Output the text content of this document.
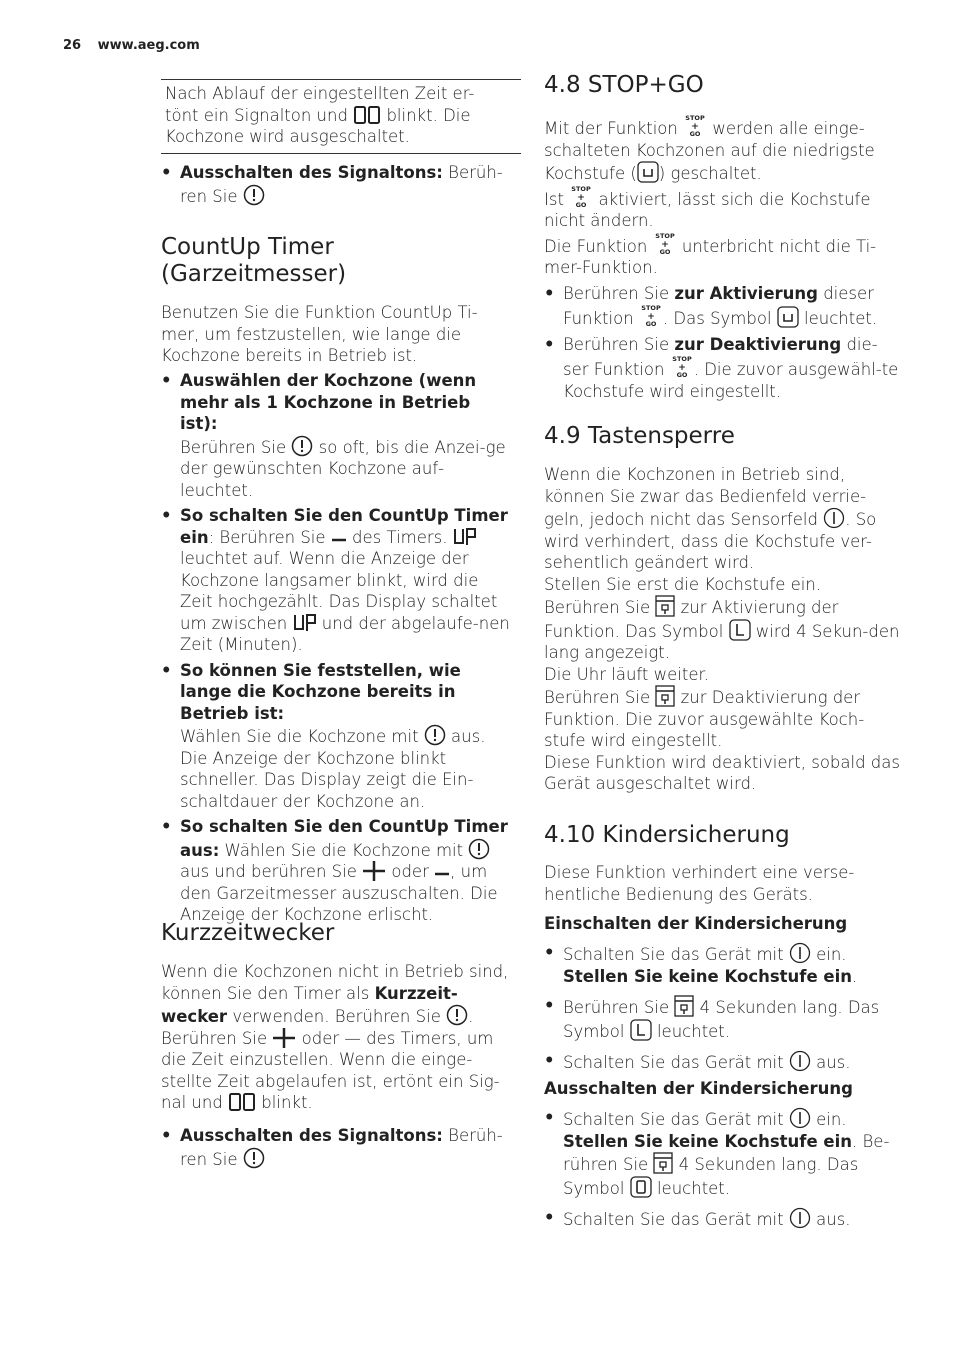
26 www.aeg.com

Nach Ablauf der eingestellten Zeit er-
tönt ein Signalton und blinkt. Die
Kochzone wird ausgeschaltet.

• Ausschalten des Signaltons: Berüh-
ren Sie
CountUp Timer
(Garzeitmesser)

Benutzen Sie die Funktion CountUp Ti-mer, um festzustellen, wie lange die Kochzone bereits in Betrieb ist.

• Auswählen der Kochzone (wenn mehr als 1 Kochzone in Betrieb ist):
Berühren Sie so oft, bis die Anzei-ge der gewünschten Kochzone auf-leuchtet.
• So schalten Sie den CountUp Timer
ein: Berühren Sie des Timers.
leuchtet auf. Wenn die Anzeige der Kochzone langsamer blinkt, wird die Zeit hochgezählt. Das Display schaltet um zwischen und der abgelaufe-nen Zeit (Minuten).
• So können Sie feststellen, wie lange die Kochzone bereits in Betrieb ist:
Wählen Sie die Kochzone mit aus. Die Anzeige der Kochzone blinkt schneller. Das Display zeigt die Ein-schaltdauer der Kochzone an.
• So schalten Sie den CountUp Timer
aus: Wählen Sie die Kochzone mit
aus und berühren Sie oder , um den Garzeitmesser auszuschalten. Die Anzeige der Kochzone erlischt.
Kurzzeitwecker

Wenn die Kochzonen nicht in Betrieb sind, können Sie den Timer als Kurzzeit-wecker verwenden. Berühren Sie . Berühren Sie oder — des Timers, um die Zeit einzustellen. Wenn die einge-stellte Zeit abgelaufen ist, ertönt ein Sig- nal und blinkt.

• Ausschalten des Signaltons: Berüh-
ren Sie
4.8 STOP+GO

Mit der Funktion
STOP
+
GO werden alle einge-schalteten Kochzonen auf die niedrigste Kochstufe ( ) geschaltet.
Ist
STOP
+
GO aktiviert, lässt sich die Kochstufe nicht ändern.
Die Funktion
STOP
+
GO unterbricht nicht die Ti-mer-Funktion.

• Berühren Sie zur Aktivierung dieser
Funktion
STOP
+
GO . Das Symbol leuchtet.
• Berühren Sie zur Deaktivierung die-
ser Funktion
STOP
+
GO . Die zuvor ausgewähl-te Kochstufe wird eingestellt.
4.9 Tastensperre

Wenn die Kochzonen in Betrieb sind, können Sie zwar das Bedienfeld verrie- geln, jedoch nicht das Sensorfeld . So wird verhindert, dass die Kochstufe ver-sehentlich geändert wird.
Stellen Sie erst die Kochstufe ein.
Berühren Sie zur Aktivierung der Funktion. Das Symbol wird 4 Sekun-den lang angezeigt.
Die Uhr läuft weiter.
Berühren Sie zur Deaktivierung der Funktion. Die zuvor ausgewählte Koch-stufe wird eingestellt.
Diese Funktion wird deaktiviert, sobald das Gerät ausgeschaltet wird.

4.10 Kindersicherung

Diese Funktion verhindert eine verse-hentliche Bedienung des Geräts.

Einschalten der Kindersicherung
• Schalten Sie das Gerät mit ein.
Stellen Sie keine Kochstufe ein.
• Berühren Sie 4 Sekunden lang. Das
Symbol leuchtet.
• Schalten Sie das Gerät mit aus.
Ausschalten der Kindersicherung
• Schalten Sie das Gerät mit ein.
Stellen Sie keine Kochstufe ein. Be-
rühren Sie 4 Sekunden lang. Das
Symbol leuchtet.
• Schalten Sie das Gerät mit aus.
